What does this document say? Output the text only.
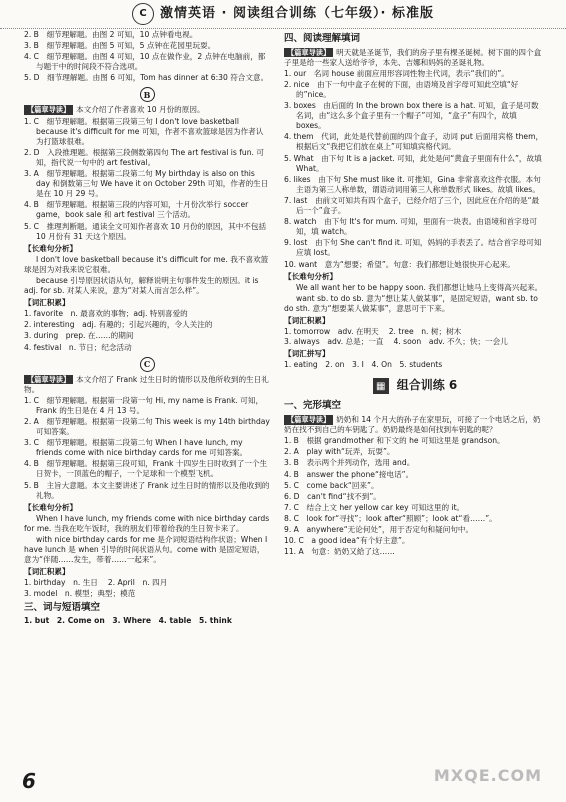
C	激情英语 · 阅读组合训练（七年级）· 标准版

2. B　细节理解题。由图 2 可知，10 点钟看电视。

3. B　细节理解题。由图 5 可知，5 点钟在花园里玩耍。

4. C　细节理解题。由图 4 可知，10 点在做作业，2 点钟在电脑前，都与题干中的时间段不符合选项。

5. D　细节理解题。由图 6 可知，Tom has dinner at 6:30 符合文意。

B

【篇章导读】 本文介绍了作者喜欢 10 月份的原因。

1. C　细节理解题。根据第三段第三句 I don't love basketball because it's difficult for me 可知，作者不喜欢篮球是因为作者认为打篮球很难。

2. D　入段推理题。根据第三段侧数第四句 The art festival is fun. 可知，指代说一句中的 art festival。

3. A　细节理解题。根据第二段第二句 My birthday is also on this day 和倒数第三句 We have it on October 29th 可知，作者的生日是在 10 月 29 号。

4. B　细节理解题。根据第三段的内容可知，十月份次举行 soccer game，book sale 和 art festival 三个活动。

5. C　推理判断题。通读全文可知作者喜欢 10 月份的原因，其中不包括 10 月份有 31 天这个原因。

【长难句分析】

I don't love basketball because it's difficult for me. 我不喜欢篮球是因为对我来说它很难。

because 引导原因状语从句，解释说明主句事件发生的原因。it is adj. for sb. 对某人来说，意为“对某人而言怎么样”。

【词汇积累】

1. favorite　n. 最喜欢的事物；adj. 特别喜爱的

2. interesting　adj. 有趣的；引起兴趣的，令人关注的

3. during　prep. 在……的期间

4. festival　n. 节日；纪念活动

C

【篇章导读】 本文介绍了 Frank 过生日时的情形以及他所收到的生日礼物。

1. C　细节理解题。根据第一段第一句 Hi, my name is Frank. 可知，Frank 的生日是在 4 月 13 号。

2. A　细节理解题。根据第一段第二句 This week is my 14th birthday 可知答案。

3. C　细节理解题。根据第二段第二句 When I have lunch, my friends come with nice birthday cards for me 可知答案。

4. B　细节理解题。根据第三段可知，Frank 十四岁生日时收到了一个生日贺卡，一顶蓝色的帽子，一个足球和一个模型飞机。

5. B　主旨大意题。本文主要讲述了 Frank 过生日时的情形以及他收到的礼物。

【长难句分析】

When I have lunch, my friends come with nice birthday cards for me. 当我在吃午饭时，我的朋友们带着给我的生日贺卡来了。

with nice birthday cards for me 是介词短语结构作状语；When I have lunch 是 when 引导的时间状语从句。come with 是固定短语，意为“伴随……发生，带着……一起来”。

【词汇积累】

1. birthday　n. 生日 2. April　n. 四月
3. model　n. 模型；典型；模范
三、词与短语填空

1. but　2. Come on　3. Where　4. table　5. think

四、阅读理解填词

【篇章导读】 明天就是圣诞节，我们的房子里有棵圣诞树。树下面的四个盒子里是给一些家人送给爷爷，本先、吉娜和妈妈的圣诞礼物。

1. our　名词 house 前面应用形容词性物主代词，表示“我们的”。

2. nice　由下一句中盒子在树的下面，由语境及首字母可知此空填“好的”nice。

3. boxes　由后面的 In the brown box there is a hat. 可知，盒子是可数名词，由“这么多个盒子里有一个帽子”可知，“盒子”有四个，故填 boxes。

4. them　代词，此处是代替前面的四个盒子，动词 put 后面用宾格 them，根据后文“我把它们放在桌上”可知填宾格代词。

5. What　由下句 It is a jacket. 可知，此处是问“黄盒子里面有什么”，故填 What。

6. likes　由下句 She must like it. 可推知，Gina 非常喜欢这件衣服。本句主语为第三人称单数，谓语动词用第三人称单数形式 likes。故填 likes。

7. last　由前文可知共有四个盒子，已经介绍了三个，因此应在介绍的是“最后一个”盒子。

8. watch　由下句 It's for mum. 可知，里面有一块表。由语境和首字母可知，填 watch。

9. lost　由下句 She can't find it. 可知，妈妈的手表丢了。结合首字母可知应填 lost。

10. want　意为“想要；希望”。句意：我们都想让她很快开心起来。

【长难句分析】

We all want her to be happy soon. 我们都想让她马上变得高兴起来。

want sb. to do sb. 意为“想让某人做某事”，是固定短语，want sb. to do sth. 意为“想要某人做某事”，意思可于下来。

【词汇积累】

1. tomorrow　adv. 在明天 2. tree　n. 树；树木
3. always　adv. 总是；一直 4. soon　adv. 不久；快；一会儿

【词汇拼写】

1. eating　2. on　3. I　4. On　5. students

▦ 组合训练 6
一、完形填空

【篇章导读】 奶奶和 14 个月大的孙子在家里玩，可接了一个电话之后，奶奶在找不到自己的车钥匙了。奶奶最终是如何找到车钥匙的呢？

1. B　根据 grandmother 和下文的 he 可知这里是 grandson。

2. A　play with“玩弄，玩耍”。

3. B　表示两个并列动作，选用 and。

4. B　answer the phone“接电话”。

5. C　come back“回来”。

6. D　can't find“找不到”。

7. C　结合上文 her yellow car key 可知这里的 it。

8. C　look for“寻找”；look after“照顾”；look at“看……”。

9. A　anywhere“无论何处”，用于否定句和疑问句中。

10. C　a good idea“有个好主意”。

11. A　句意：奶奶又給了这……

6	MXQE.COM
